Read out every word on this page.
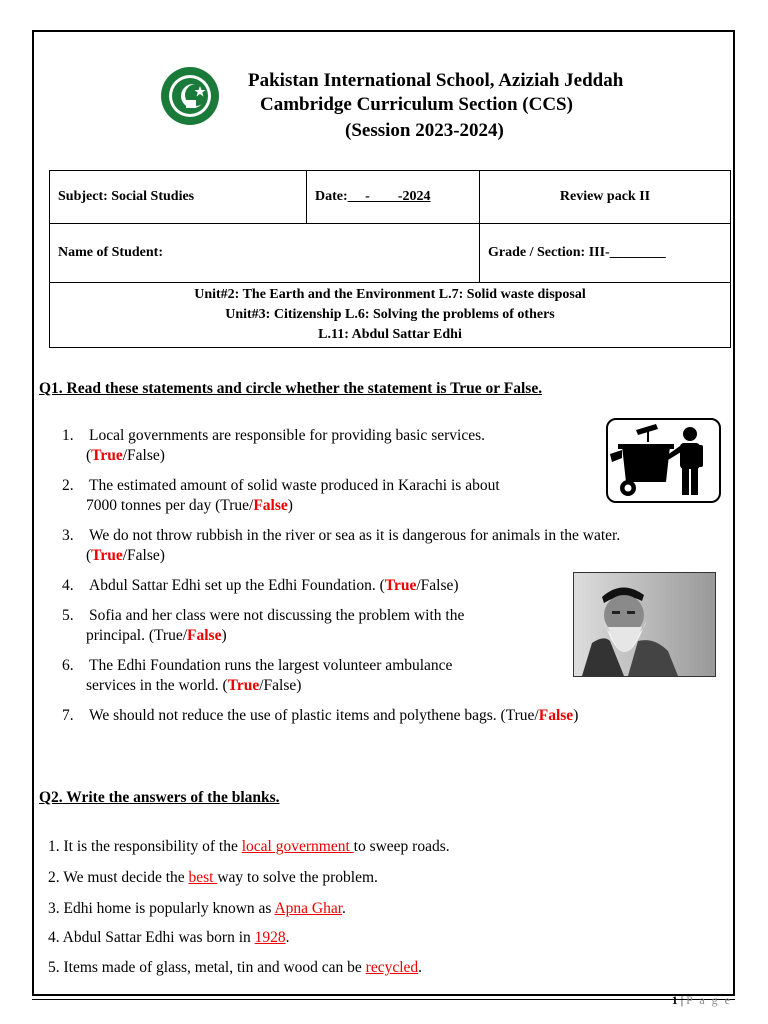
Pakistan International School, Aziziah Jeddah
Cambridge Curriculum Section (CCS)
(Session 2023-2024)
Subject: Social Studies	Date:     -        -2024	Review pack II
Name of Student:		Grade / Section: III-________

Unit#2: The Earth and the Environment L.7: Solid waste disposal
Unit#3: Citizenship L.6: Solving the problems of others
L.11: Abdul Sattar Edhi		
Q1. Read these statements and circle whether the statement is True or False.
1. Local governments are responsible for providing basic services.
(True/False)
2. The estimated amount of solid waste produced in Karachi is about
7000 tonnes per day (True/False)
3. We do not throw rubbish in the river or sea as it is dangerous for animals in the water.
(True/False)
4. Abdul Sattar Edhi set up the Edhi Foundation. (True/False)
5. Sofia and her class were not discussing the problem with the
principal. (True/False)
6. The Edhi Foundation runs the largest volunteer ambulance
services in the world. (True/False)
7. We should not reduce the use of plastic items and polythene bags. (True/False)
Q2. Write the answers of the blanks.
1. It is the responsibility of the local government to sweep roads.
2. We must decide the best way to solve the problem.
3. Edhi home is popularly known as Apna Ghar.
4. Abdul Sattar Edhi was born in 1928.
5. Items made of glass, metal, tin and wood can be recycled.
1 | P a g e
